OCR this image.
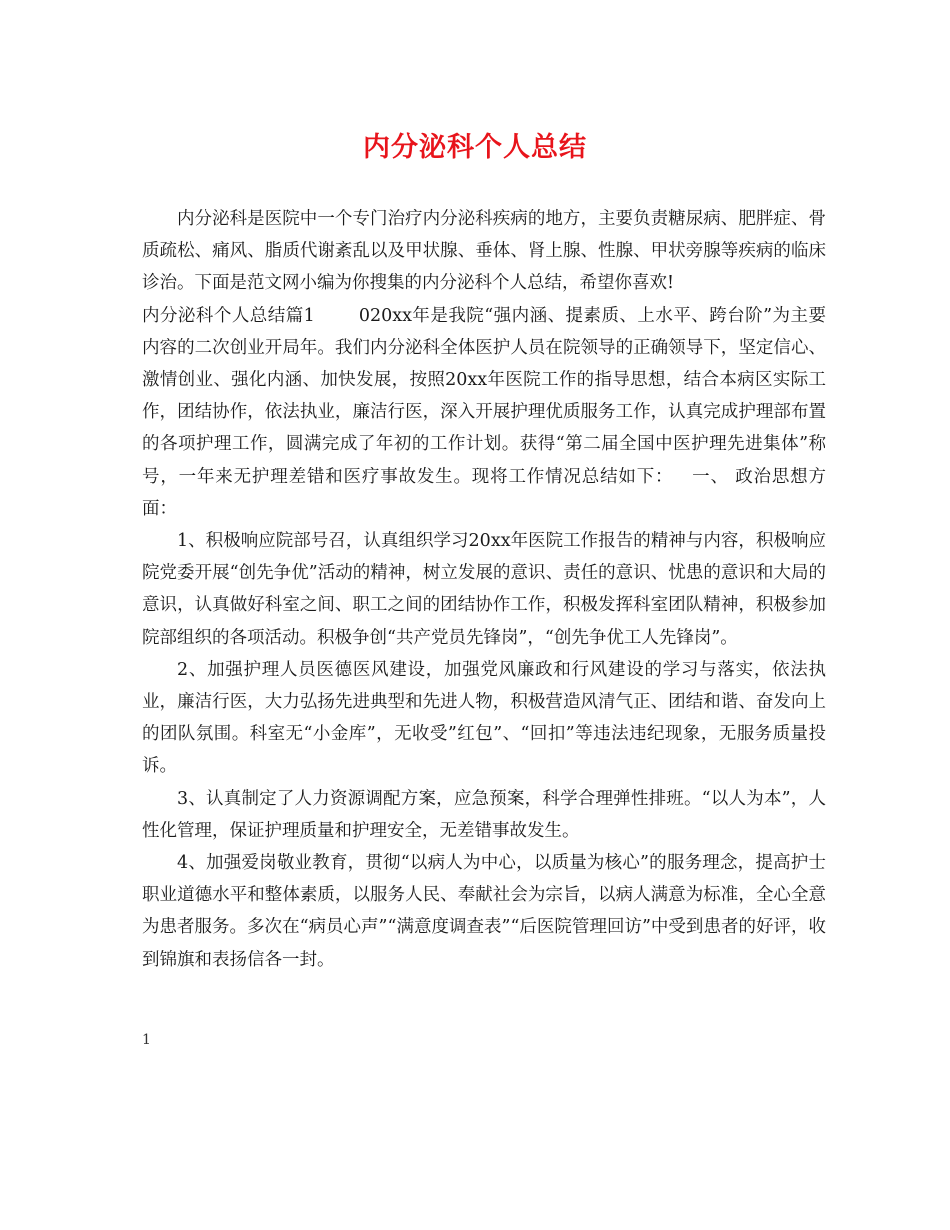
内分泌科个人总结

内分泌科是医院中一个专门治疗内分泌科疾病的地方，主要负责糖尿病、肥胖症、骨质疏松、痛风、脂质代谢紊乱以及甲状腺、垂体、肾上腺、性腺、甲状旁腺等疾病的临床诊治。下面是范文网小编为你搜集的内分泌科个人总结，希望你喜欢!

内分泌科个人总结篇1	020xx年是我院“强内涵、提素质、上水平、跨台阶”为主要内容的二次创业开局年。我们内分泌科全体医护人员在院领导的正确领导下，坚定信心、激情创业、强化内涵、加快发展，按照20xx年医院工作的指导思想，结合本病区实际工作，团结协作，依法执业，廉洁行医，深入开展护理优质服务工作，认真完成护理部布置的各项护理工作，圆满完成了年初的工作计划。获得“第二届全国中医护理先进集体”称号，一年来无护理差错和医疗事故发生。现将工作情况总结如下： 一、 政治思想方面：

1、积极响应院部号召，认真组织学习20xx年医院工作报告的精神与内容，积极响应院党委开展“创先争优”活动的精神，树立发展的意识、责任的意识、忧患的意识和大局的意识，认真做好科室之间、职工之间的团结协作工作，积极发挥科室团队精神，积极参加院部组织的各项活动。积极争创“共产党员先锋岗”，“创先争优工人先锋岗”。

2、加强护理人员医德医风建设，加强党风廉政和行风建设的学习与落实，依法执业，廉洁行医，大力弘扬先进典型和先进人物，积极营造风清气正、团结和谐、奋发向上的团队氛围。科室无“小金库”，无收受”红包”、“回扣”等违法违纪现象，无服务质量投诉。

3、认真制定了人力资源调配方案，应急预案，科学合理弹性排班。“以人为本”，人性化管理，保证护理质量和护理安全，无差错事故发生。

4、加强爱岗敬业教育，贯彻“以病人为中心，以质量为核心”的服务理念，提高护士职业道德水平和整体素质，以服务人民、奉献社会为宗旨，以病人满意为标准，全心全意为患者服务。多次在“病员心声”“满意度调查表”“后医院管理回访”中受到患者的好评，收到锦旗和表扬信各一封。

1
